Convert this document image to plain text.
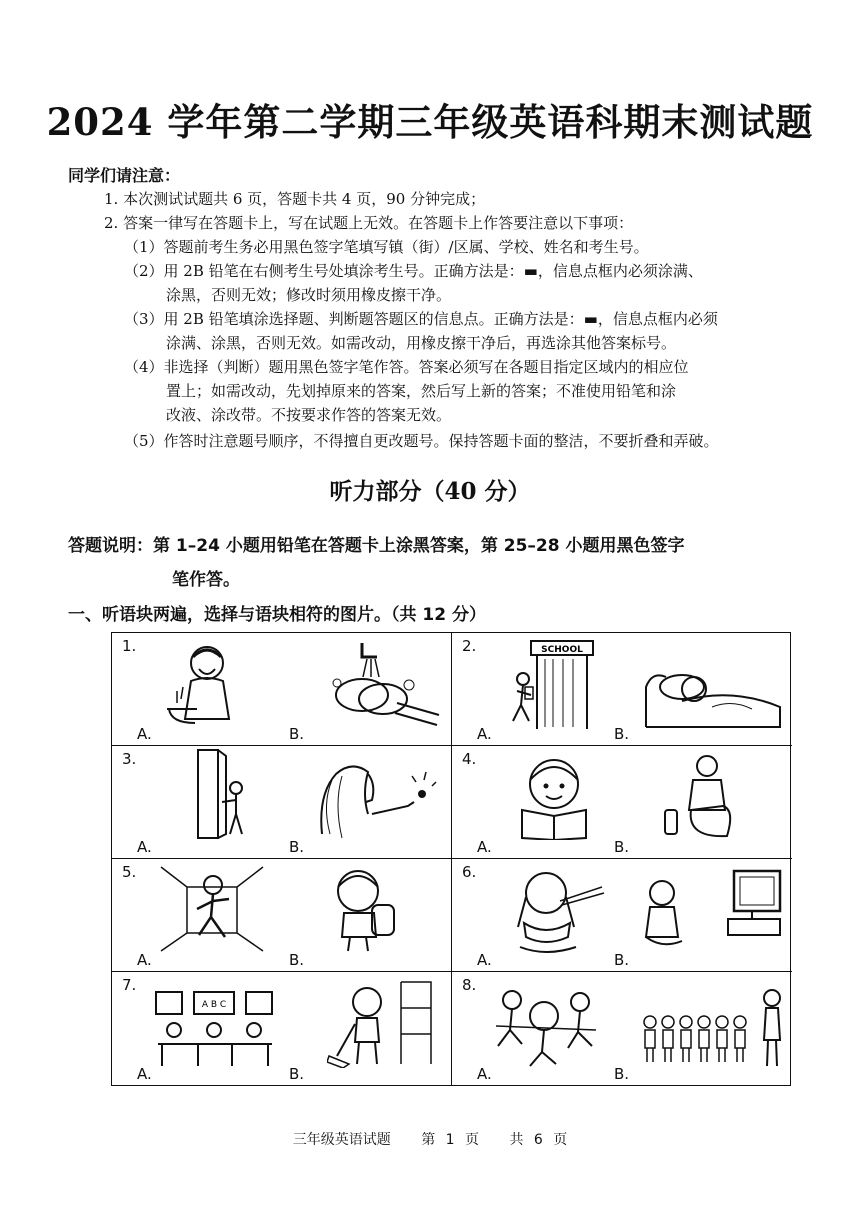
2024 学年第二学期三年级英语科期末测试题
同学们请注意：
1. 本次测试试题共 6 页，答题卡共 4 页，90 分钟完成；
2. 答案一律写在答题卡上，写在试题上无效。在答题卡上作答要注意以下事项：
（1）答题前考生务必用黑色签字笔填写镇（街）/区属、学校、姓名和考生号。
（2）用 2B 铅笔在右侧考生号处填涂考生号。正确方法是：▬，信息点框内必须涂满、
涂黑，否则无效；修改时须用橡皮擦干净。
（3）用 2B 铅笔填涂选择题、判断题答题区的信息点。正确方法是：▬，信息点框内必须
涂满、涂黑，否则无效。如需改动，用橡皮擦干净后，再选涂其他答案标号。
（4）非选择（判断）题用黑色签字笔作答。答案必须写在各题目指定区域内的相应位
置上；如需改动，先划掉原来的答案，然后写上新的答案；不准使用铅笔和涂
改液、涂改带。不按要求作答的答案无效。
（5）作答时注意题号顺序，不得擅自更改题号。保持答题卡面的整洁，不要折叠和弄破。
听力部分（40 分）
答题说明：第 1–24 小题用铅笔在答题卡上涂黑答案，第 25–28 小题用黑色签字
笔作答。
一、听语块两遍，选择与语块相符的图片。（共 12 分）
1.
A.	B.
2.	SCHOOL
A.	B.
3.
A.	B.
4.
A.	B.
5.
A.	B.
6.
A.	B.
7.
A B C
A.	B.
8.
A.	B.
三年级英语试题 第 1 页 共 6 页
